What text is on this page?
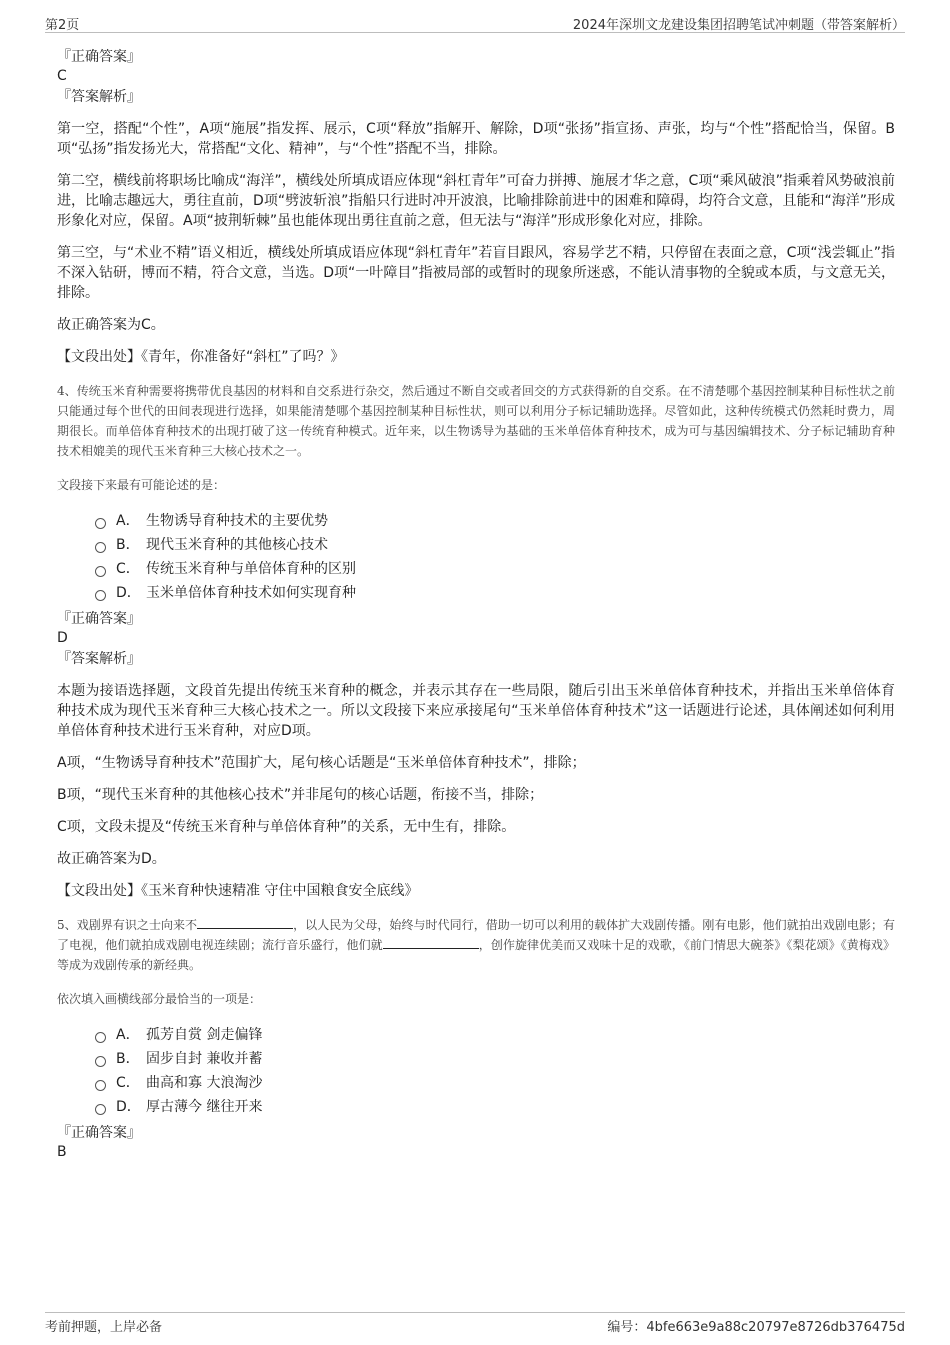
第2页	2024年深圳文龙建设集团招聘笔试冲刺题（带答案解析）
『正确答案』
C
『答案解析』

第一空，搭配“个性”，A项“施展”指发挥、展示，C项“释放”指解开、解除，D项“张扬”指宣扬、声张，均与“个性”搭配恰当，保留。B项“弘扬”指发扬光大，常搭配“文化、精神”，与“个性”搭配不当，排除。

第二空，横线前将职场比喻成“海洋”，横线处所填成语应体现“斜杠青年”可奋力拼搏、施展才华之意，C项“乘风破浪”指乘着风势破浪前进，比喻志趣远大，勇往直前，D项“劈波斩浪”指船只行进时冲开波浪，比喻排除前进中的困难和障碍，均符合文意，且能和“海洋”形成形象化对应，保留。A项“披荆斩棘”虽也能体现出勇往直前之意，但无法与“海洋”形成形象化对应，排除。

第三空，与“术业不精”语义相近，横线处所填成语应体现“斜杠青年”若盲目跟风，容易学艺不精，只停留在表面之意，C项“浅尝辄止”指不深入钻研，博而不精，符合文意，当选。D项“一叶障目”指被局部的或暂时的现象所迷惑，不能认清事物的全貌或本质，与文意无关，排除。

故正确答案为C。

【文段出处】《青年，你准备好“斜杠”了吗？》
4、传统玉米育种需要将携带优良基因的材料和自交系进行杂交，然后通过不断自交或者回交的方式获得新的自交系。在不清楚哪个基因控制某种目标性状之前只能通过每个世代的田间表现进行选择，如果能清楚哪个基因控制某种目标性状，则可以利用分子标记辅助选择。尽管如此，这种传统模式仍然耗时费力，周期很长。而单倍体育种技术的出现打破了这一传统育种模式。近年来，以生物诱导为基础的玉米单倍体育种技术，成为可与基因编辑技术、分子标记辅助育种技术相媲美的现代玉米育种三大核心技术之一。
文段接下来最有可能论述的是：
A． 生物诱导育种技术的主要优势
B． 现代玉米育种的其他核心技术
C． 传统玉米育种与单倍体育种的区别
D． 玉米单倍体育种技术如何实现育种
『正确答案』
D
『答案解析』

本题为接语选择题，文段首先提出传统玉米育种的概念，并表示其存在一些局限，随后引出玉米单倍体育种技术，并指出玉米单倍体育种技术成为现代玉米育种三大核心技术之一。所以文段接下来应承接尾句“玉米单倍体育种技术”这一话题进行论述，具体阐述如何利用单倍体育种技术进行玉米育种，对应D项。

A项，“生物诱导育种技术”范围扩大，尾句核心话题是“玉米单倍体育种技术”，排除；

B项，“现代玉米育种的其他核心技术”并非尾句的核心话题，衔接不当，排除；

C项，文段未提及“传统玉米育种与单倍体育种”的关系，无中生有，排除。

故正确答案为D。

【文段出处】《玉米育种快速精准 守住中国粮食安全底线》
5、戏剧界有识之士向来不	，以人民为父母，始终与时代同行，借助一切可以利用的载体扩大戏剧传播。刚有电影，他们就拍出戏剧电影；有了电视，他们就拍成戏剧电视连续剧；流行音乐盛行，他们就	，创作旋律优美而又戏味十足的戏歌，《前门情思大碗茶》《梨花颂》《黄梅戏》等成为戏剧传承的新经典。
依次填入画横线部分最恰当的一项是：
A． 孤芳自赏 剑走偏锋
B． 固步自封 兼收并蓄
C． 曲高和寡 大浪淘沙
D． 厚古薄今 继往开来
『正确答案』
B
考前押题，上岸必备	编号：4bfe663e9a88c20797e8726db376475d
